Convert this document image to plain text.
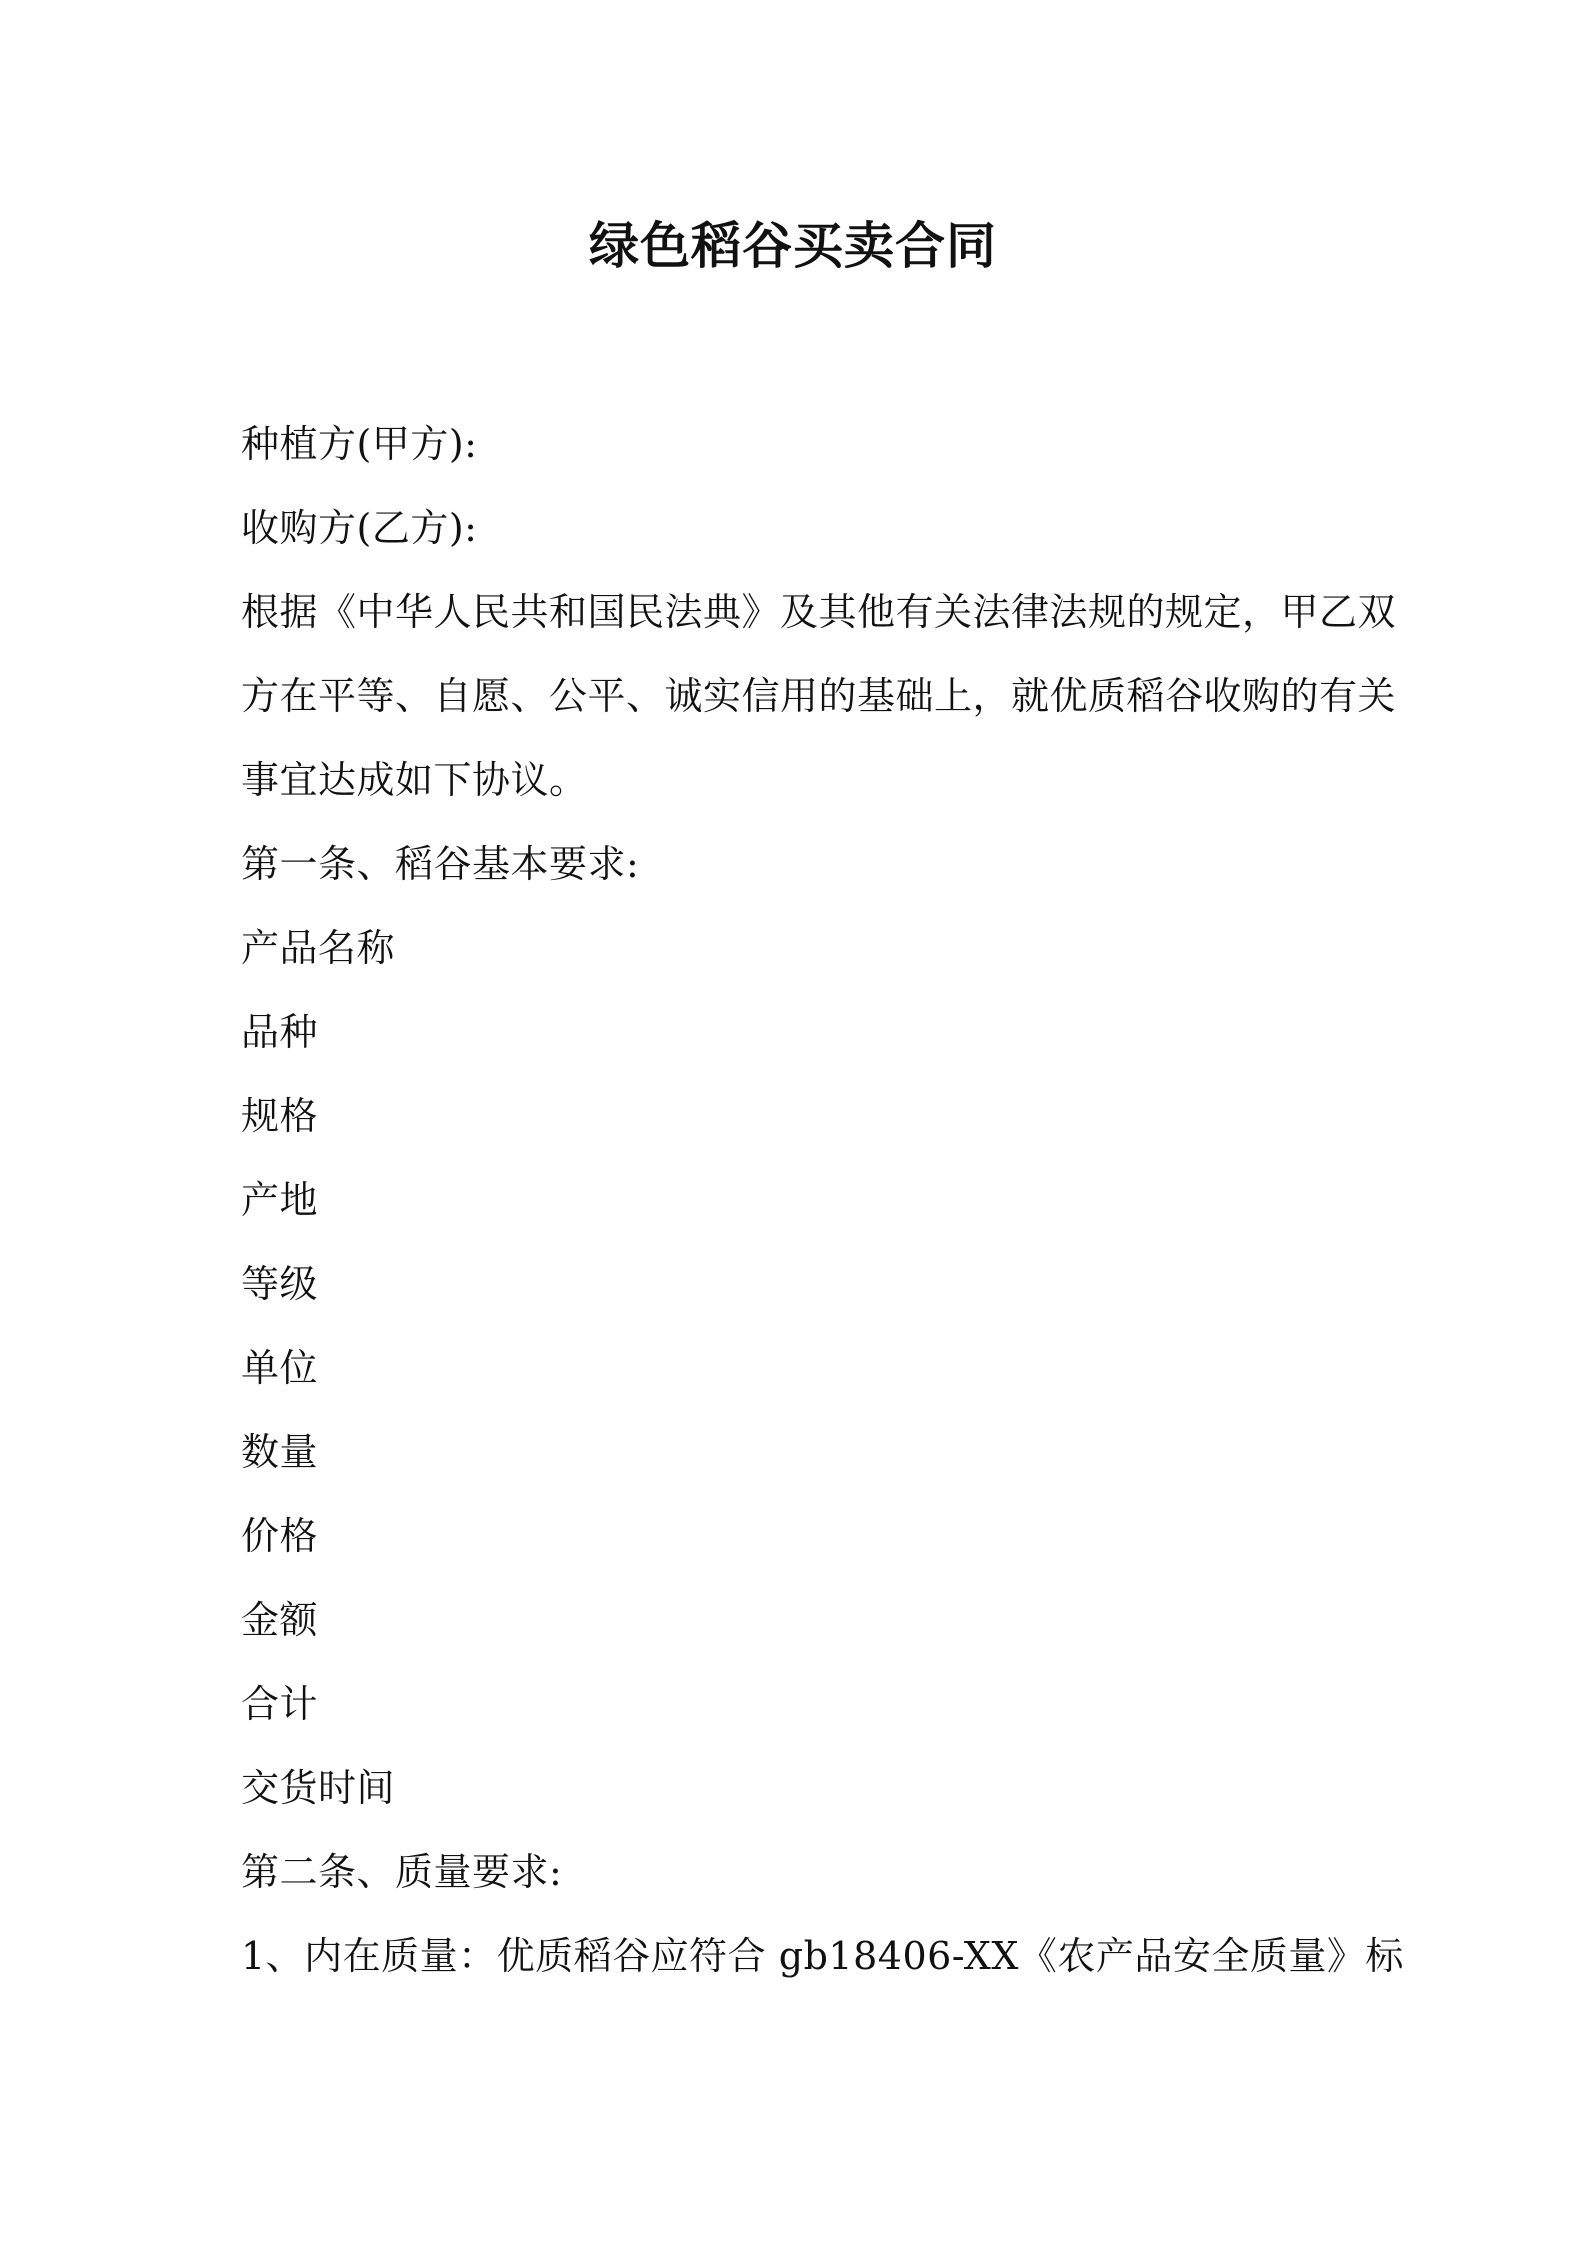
绿色稻谷买卖合同
种植方(甲方):
收购方(乙方):
根据《中华人民共和国民法典》及其他有关法律法规的规定，甲乙双
方在平等、自愿、公平、诚实信用的基础上，就优质稻谷收购的有关
事宜达成如下协议。
第一条、稻谷基本要求:
产品名称
品种
规格
产地
等级
单位
数量
价格
金额
合计
交货时间
第二条、质量要求:
1、内在质量：优质稻谷应符合 gb18406-XX《农产品安全质量》标
